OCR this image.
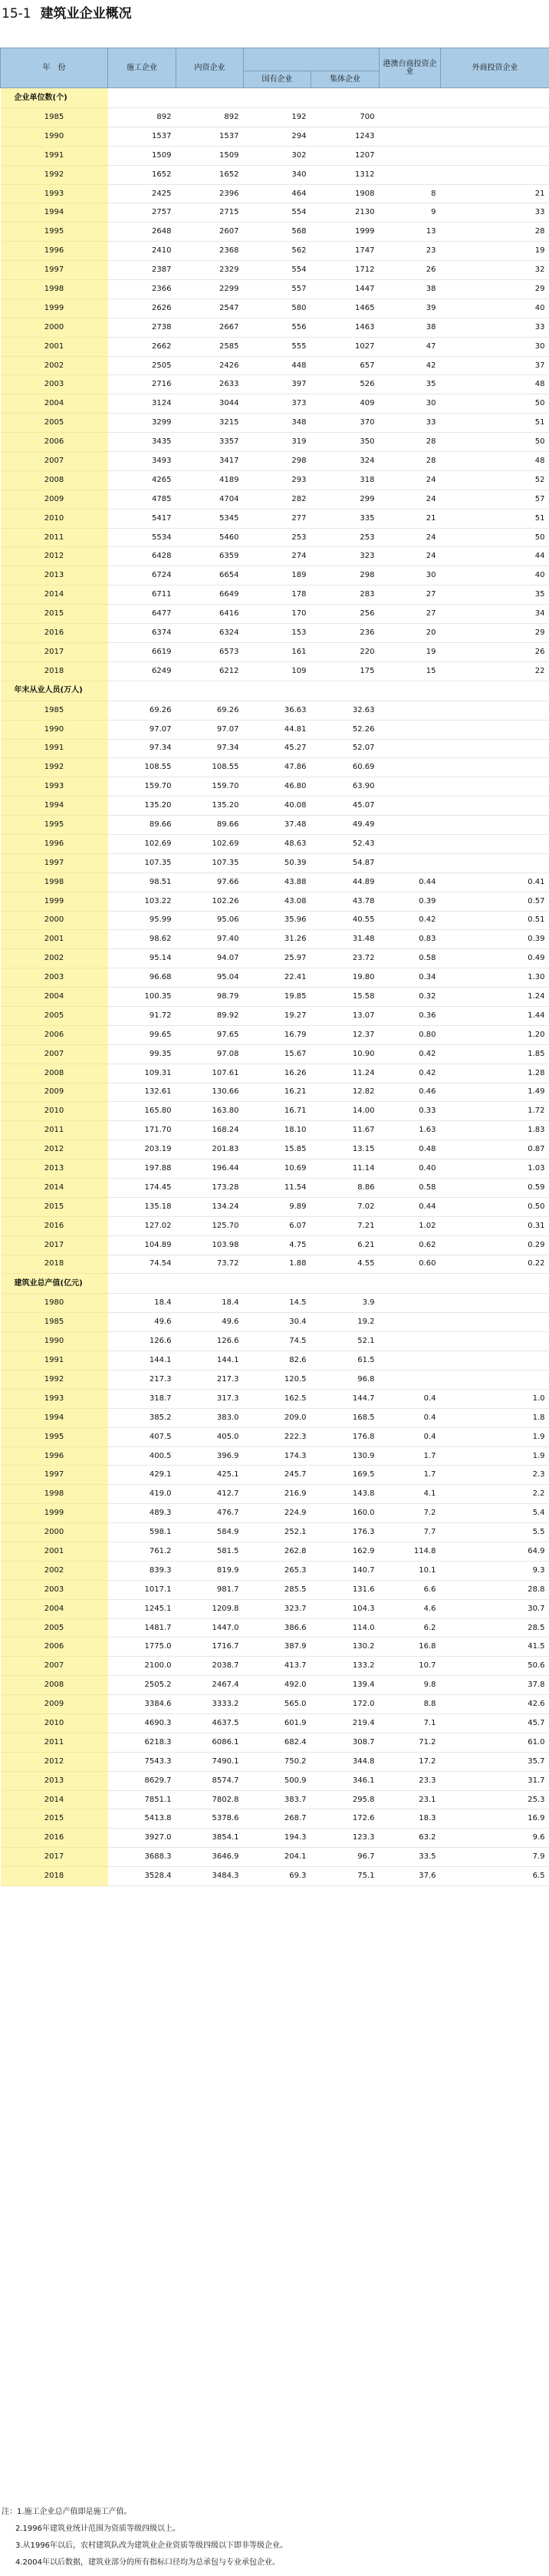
15-1 建筑业企业概况
年　份	施工企业	内资企业			港澳台商投资企业	外商投资企业
			国有企业	集体企业		
企业单位数(个)						
1985	892	892	192	700		
1990	1537	1537	294	1243		
1991	1509	1509	302	1207		
1992	1652	1652	340	1312		
1993	2425	2396	464	1908	8	21
1994	2757	2715	554	2130	9	33
1995	2648	2607	568	1999	13	28
1996	2410	2368	562	1747	23	19
1997	2387	2329	554	1712	26	32
1998	2366	2299	557	1447	38	29
1999	2626	2547	580	1465	39	40
2000	2738	2667	556	1463	38	33
2001	2662	2585	555	1027	47	30
2002	2505	2426	448	657	42	37
2003	2716	2633	397	526	35	48
2004	3124	3044	373	409	30	50
2005	3299	3215	348	370	33	51
2006	3435	3357	319	350	28	50
2007	3493	3417	298	324	28	48
2008	4265	4189	293	318	24	52
2009	4785	4704	282	299	24	57
2010	5417	5345	277	335	21	51
2011	5534	5460	253	253	24	50
2012	6428	6359	274	323	24	44
2013	6724	6654	189	298	30	40
2014	6711	6649	178	283	27	35
2015	6477	6416	170	256	27	34
2016	6374	6324	153	236	20	29
2017	6619	6573	161	220	19	26
2018	6249	6212	109	175	15	22
年末从业人员(万人)						
1985	69.26	69.26	36.63	32.63		
1990	97.07	97.07	44.81	52.26		
1991	97.34	97.34	45.27	52.07		
1992	108.55	108.55	47.86	60.69		
1993	159.70	159.70	46.80	63.90		
1994	135.20	135.20	40.08	45.07		
1995	89.66	89.66	37.48	49.49		
1996	102.69	102.69	48.63	52.43		
1997	107.35	107.35	50.39	54.87		
1998	98.51	97.66	43.88	44.89	0.44	0.41
1999	103.22	102.26	43.08	43.78	0.39	0.57
2000	95.99	95.06	35.96	40.55	0.42	0.51
2001	98.62	97.40	31.26	31.48	0.83	0.39
2002	95.14	94.07	25.97	23.72	0.58	0.49
2003	96.68	95.04	22.41	19.80	0.34	1.30
2004	100.35	98.79	19.85	15.58	0.32	1.24
2005	91.72	89.92	19.27	13.07	0.36	1.44
2006	99.65	97.65	16.79	12.37	0.80	1.20
2007	99.35	97.08	15.67	10.90	0.42	1.85
2008	109.31	107.61	16.26	11.24	0.42	1.28
2009	132.61	130.66	16.21	12.82	0.46	1.49
2010	165.80	163.80	16.71	14.00	0.33	1.72
2011	171.70	168.24	18.10	11.67	1.63	1.83
2012	203.19	201.83	15.85	13.15	0.48	0.87
2013	197.88	196.44	10.69	11.14	0.40	1.03
2014	174.45	173.28	11.54	8.86	0.58	0.59
2015	135.18	134.24	9.89	7.02	0.44	0.50
2016	127.02	125.70	6.07	7.21	1.02	0.31
2017	104.89	103.98	4.75	6.21	0.62	0.29
2018	74.54	73.72	1.88	4.55	0.60	0.22
建筑业总产值(亿元)						
1980	18.4	18.4	14.5	3.9		
1985	49.6	49.6	30.4	19.2		
1990	126.6	126.6	74.5	52.1		
1991	144.1	144.1	82.6	61.5		
1992	217.3	217.3	120.5	96.8		
1993	318.7	317.3	162.5	144.7	0.4	1.0
1994	385.2	383.0	209.0	168.5	0.4	1.8
1995	407.5	405.0	222.3	176.8	0.4	1.9
1996	400.5	396.9	174.3	130.9	1.7	1.9
1997	429.1	425.1	245.7	169.5	1.7	2.3
1998	419.0	412.7	216.9	143.8	4.1	2.2
1999	489.3	476.7	224.9	160.0	7.2	5.4
2000	598.1	584.9	252.1	176.3	7.7	5.5
2001	761.2	581.5	262.8	162.9	114.8	64.9
2002	839.3	819.9	265.3	140.7	10.1	9.3
2003	1017.1	981.7	285.5	131.6	6.6	28.8
2004	1245.1	1209.8	323.7	104.3	4.6	30.7
2005	1481.7	1447.0	386.6	114.0	6.2	28.5
2006	1775.0	1716.7	387.9	130.2	16.8	41.5
2007	2100.0	2038.7	413.7	133.2	10.7	50.6
2008	2505.2	2467.4	492.0	139.4	9.8	37.8
2009	3384.6	3333.2	565.0	172.0	8.8	42.6
2010	4690.3	4637.5	601.9	219.4	7.1	45.7
2011	6218.3	6086.1	682.4	308.7	71.2	61.0
2012	7543.3	7490.1	750.2	344.8	17.2	35.7
2013	8629.7	8574.7	500.9	346.1	23.3	31.7
2014	7851.1	7802.8	383.7	295.8	23.1	25.3
2015	5413.8	5378.6	268.7	172.6	18.3	16.9
2016	3927.0	3854.1	194.3	123.3	63.2	9.6
2017	3688.3	3646.9	204.1	96.7	33.5	7.9
2018	3528.4	3484.3	69.3	75.1	37.6	6.5
注：1.施工企业总产值即是施工产值。
2.1996年建筑业统计范围为资质等级四级以上。
3.从1996年以后，农村建筑队改为建筑业企业资质等级四级以下即非等级企业。
4.2004年以后数据，建筑业部分的所有指标口径均为总承包与专业承包企业。
